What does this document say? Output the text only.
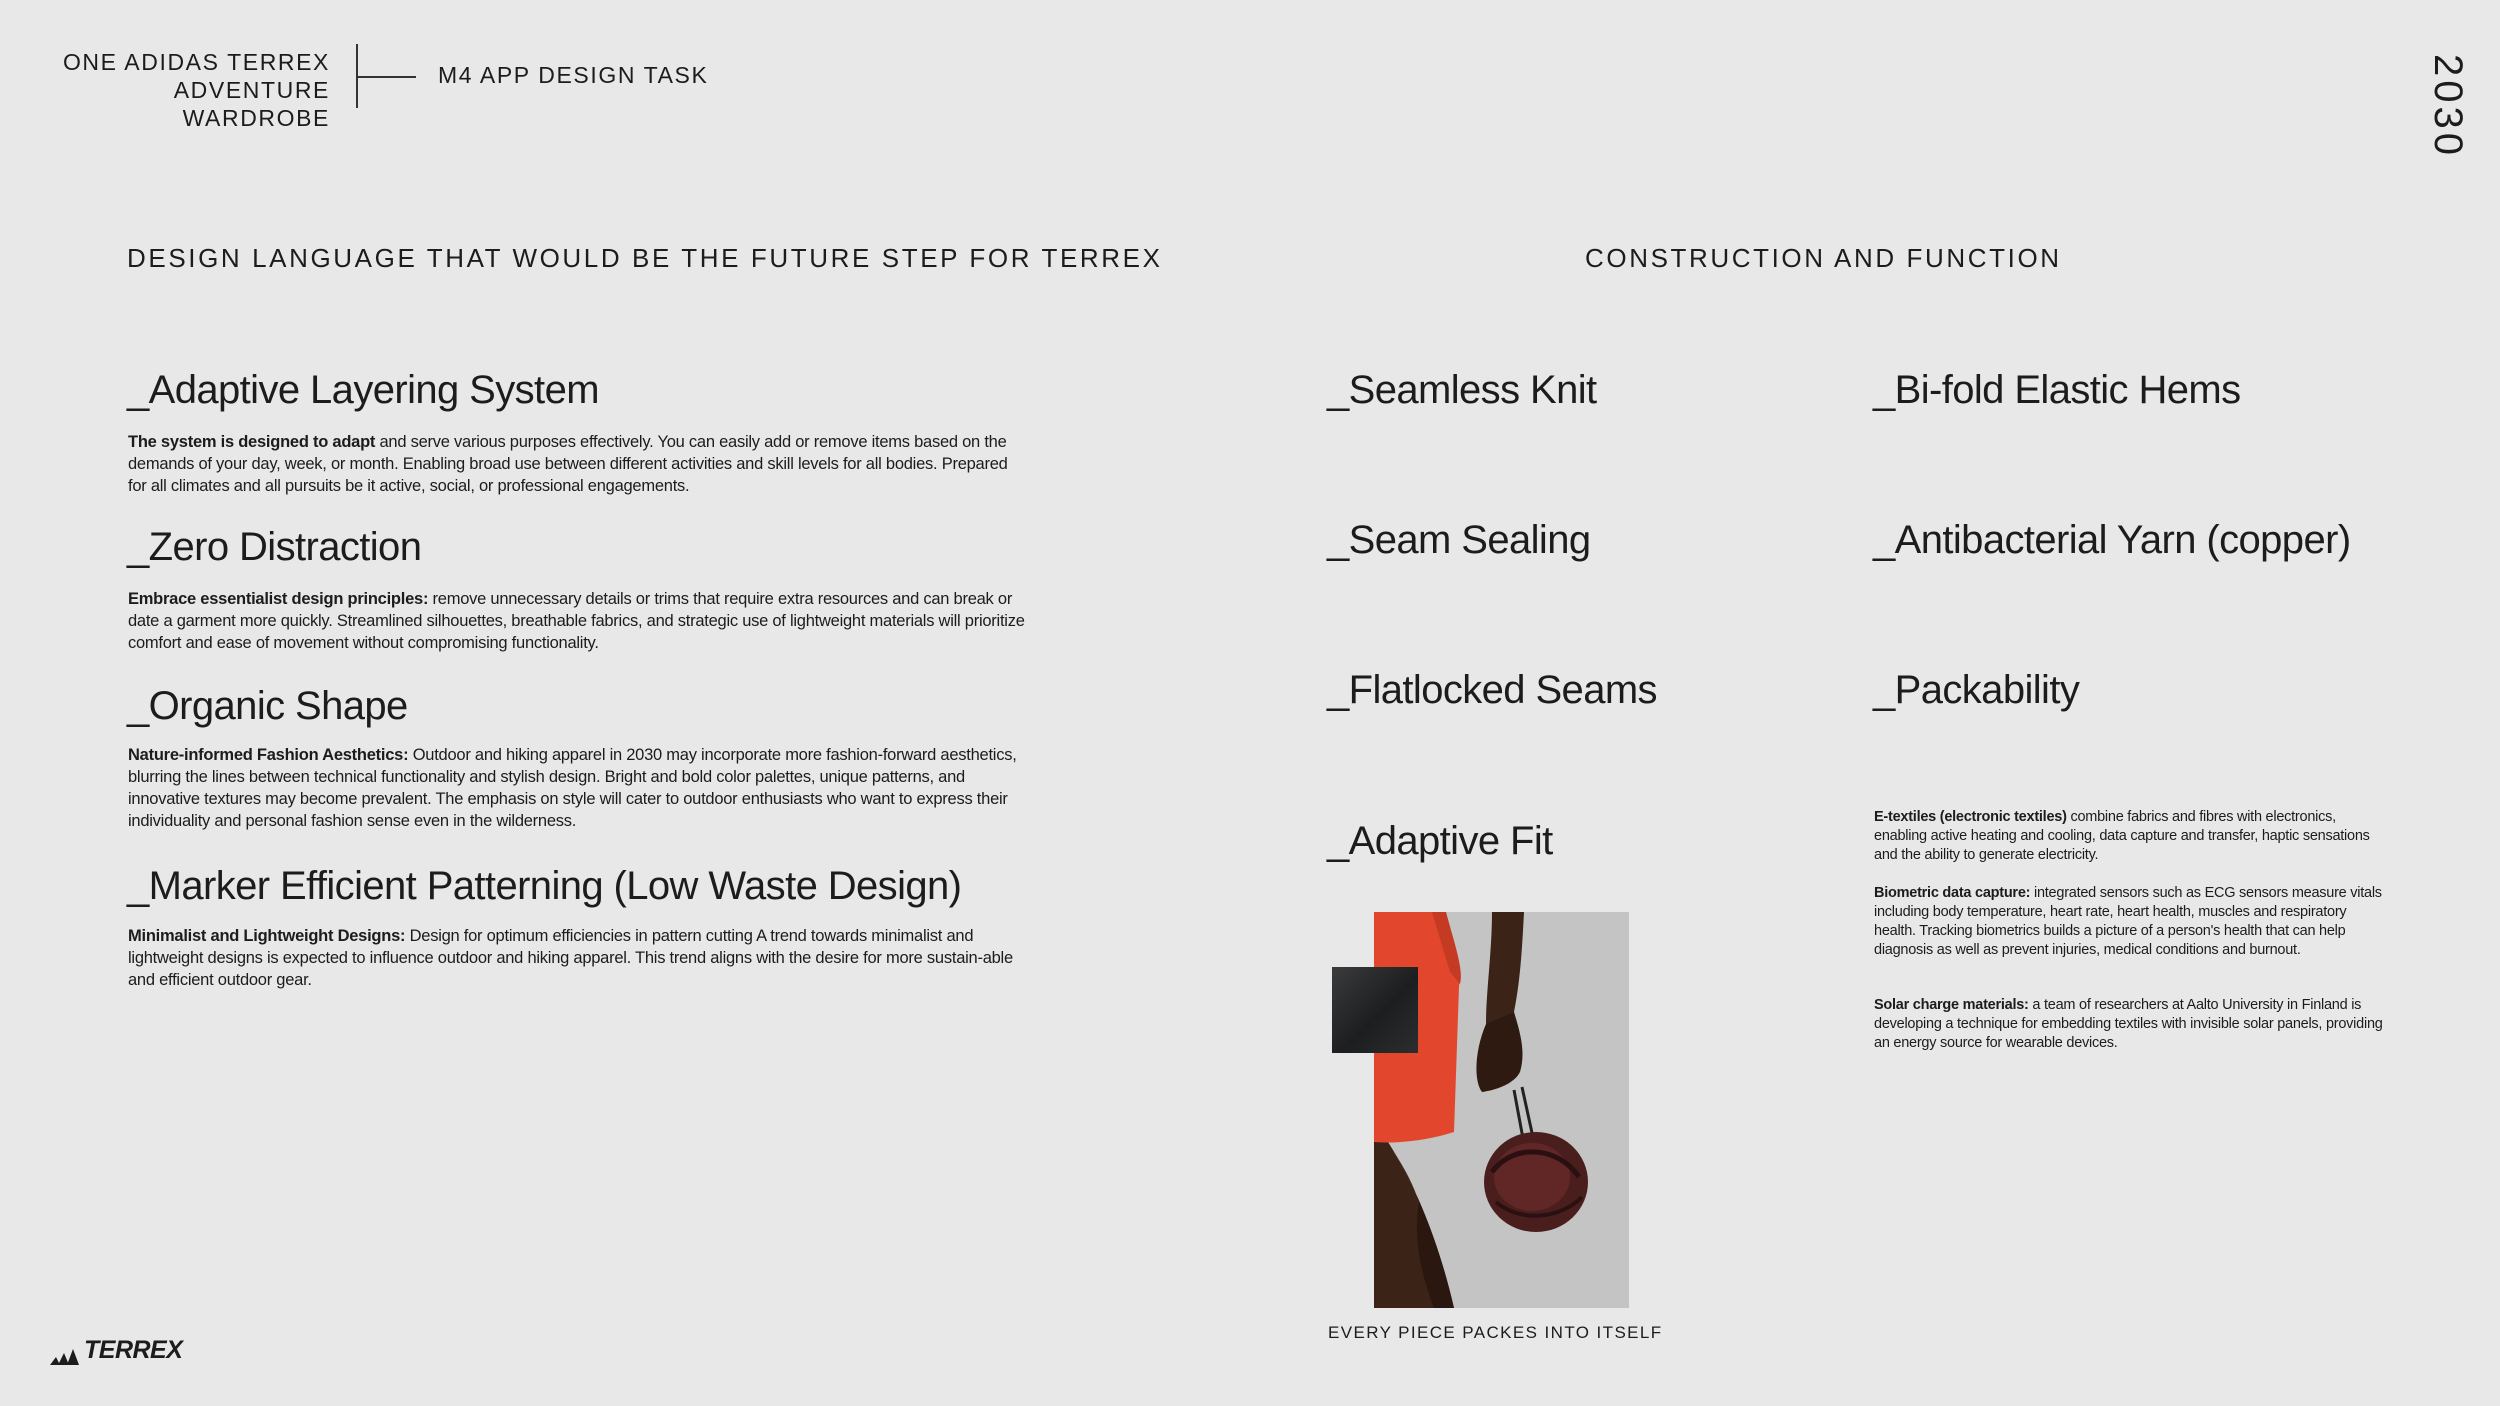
ONE ADIDAS TERREX
ADVENTURE WARDROBE
M4 APP DESIGN TASK	2030
DESIGN LANGUAGE THAT WOULD BE THE FUTURE STEP FOR TERREX
_Adaptive Layering System
The system is designed to adapt and serve various purposes effectively. You can easily add or remove items based on the demands of your day, week, or month. Enabling broad use between different activities and skill levels for all bodies. Prepared for all climates and all pursuits be it active, social, or professional engagements.
_Zero Distraction
Embrace essentialist design principles: remove unnecessary details or trims that require extra resources and can break or date a garment more quickly. Streamlined silhouettes, breathable fabrics, and strategic use of lightweight materials will prioritize comfort and ease of movement without compromising functionality.
_Organic Shape
Nature-informed Fashion Aesthetics: Outdoor and hiking apparel in 2030 may incorporate more fashion-forward aesthetics, blurring the lines between technical functionality and stylish design. Bright and bold color palettes, unique patterns, and innovative textures may become prevalent. The emphasis on style will cater to outdoor enthusiasts who want to express their individuality and personal fashion sense even in the wilderness.
_Marker Efficient Patterning (Low Waste Design)
Minimalist and Lightweight Designs: Design for optimum efficiencies in pattern cutting A trend towards minimalist and lightweight designs is expected to influence outdoor and hiking apparel. This trend aligns with the desire for more sustain-able and efficient outdoor gear.
CONSTRUCTION AND FUNCTION
_Seamless Knit
_Seam Sealing
_Flatlocked Seams
_Adaptive Fit
_Bi-fold Elastic Hems
_Antibacterial Yarn (copper)
_Packability
E-textiles (electronic textiles) combine fabrics and fibres with electronics, enabling active heating and cooling, data capture and transfer, haptic sensations and the ability to generate electricity.
Biometric data capture: integrated sensors such as ECG sensors measure vitals including body temperature, heart rate, heart health, muscles and respiratory health. Tracking biometrics builds a picture of a person's health that can help diagnosis as well as prevent injuries, medical conditions and burnout.
Solar charge materials: a team of researchers at Aalto University in Finland is developing a technique for embedding textiles with invisible solar panels, providing an energy source for wearable devices.
EVERY PIECE PACKES INTO ITSELF
TERREX
